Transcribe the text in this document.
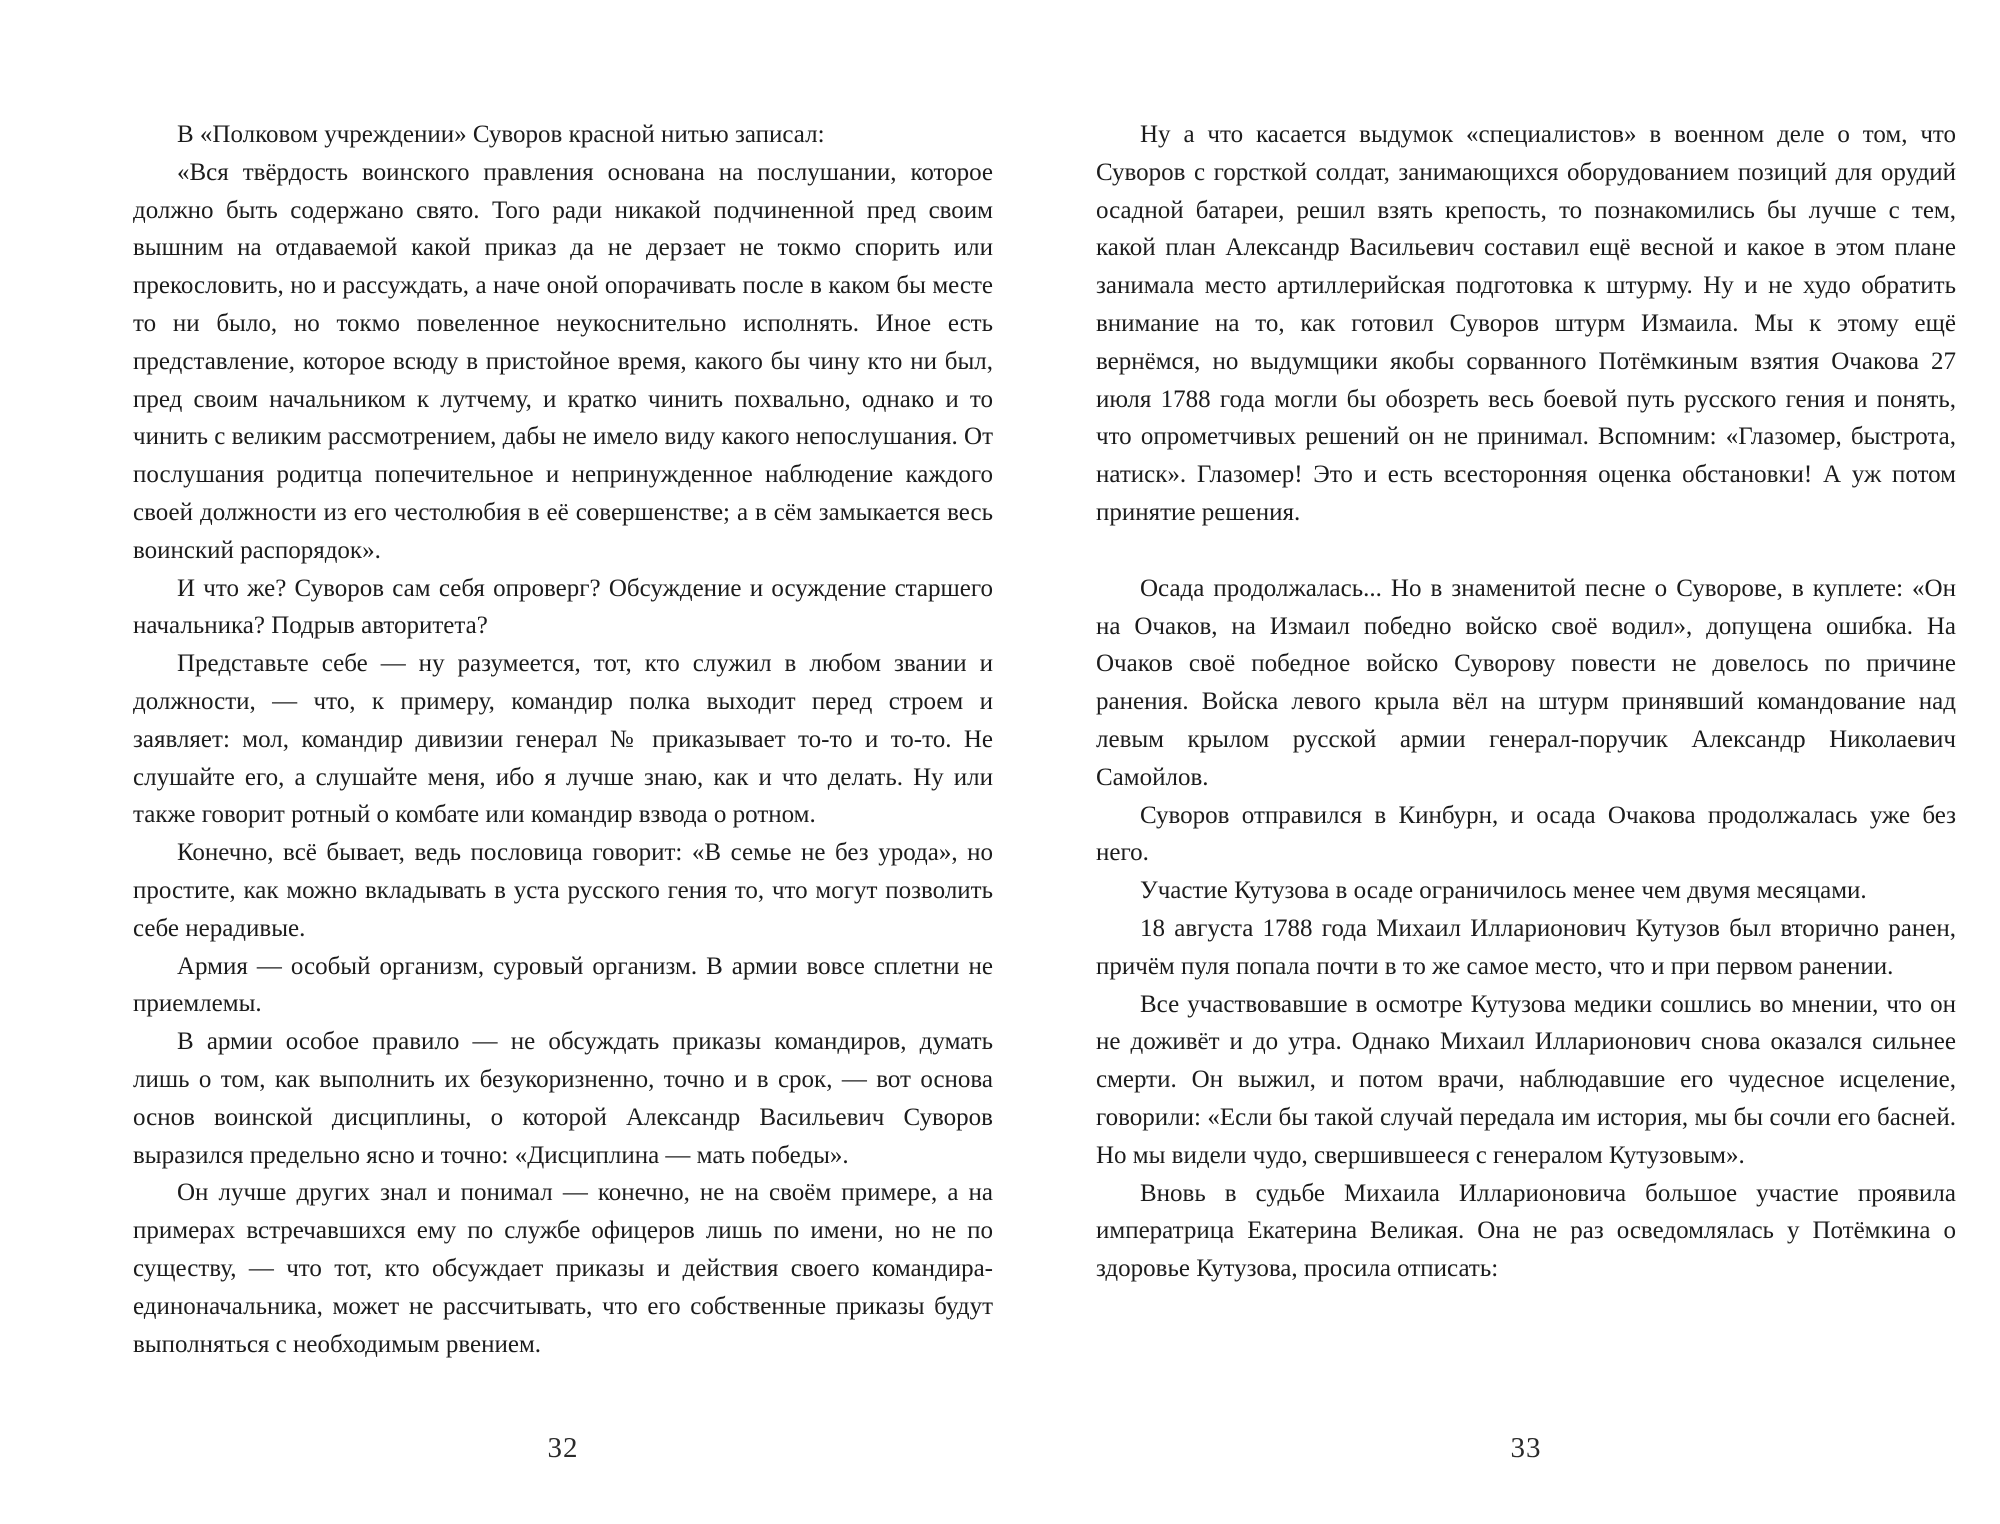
В «Полковом учреждении» Суворов красной нитью записал:

«Вся твёрдость воинского правления основана на послушании, которое должно быть содержано свято. Того ради никакой подчиненной пред своим вышним на отдаваемой какой приказ да не дерзает не токмо спорить или прекословить, но и рассуждать, а наче оной опорачивать после в каком бы месте то ни было, но токмо повеленное неукоснительно исполнять. Иное есть представление, которое всюду в пристойное время, какого бы чину кто ни был, пред своим начальником к лутчему, и кратко чинить похвально, однако и то чинить с великим рассмотрением, дабы не имело виду какого непослушания. От послушания родитца попечительное и непринужденное наблюдение каждого своей должности из его честолюбия в её совершенстве; а в сём замыкается весь воинский распорядок».

И что же? Суворов сам себя опроверг? Обсуждение и осуждение старшего начальника? Подрыв авторитета?

Представьте себе — ну разумеется, тот, кто служил в любом звании и должности, — что, к примеру, командир полка выходит перед строем и заявляет: мол, командир дивизии генерал № приказывает то-то и то-то. Не слушайте его, а слушайте меня, ибо я лучше знаю, как и что делать. Ну или также говорит ротный о комбате или командир взвода о ротном.

Конечно, всё бывает, ведь пословица говорит: «В семье не без урода», но простите, как можно вкладывать в уста русского гения то, что могут позволить себе нерадивые.

Армия — особый организм, суровый организм. В армии вовсе сплетни не приемлемы.

В армии особое правило — не обсуждать приказы командиров, думать лишь о том, как выполнить их безукоризненно, точно и в срок, — вот основа основ воинской дисциплины, о которой Александр Васильевич Суворов выразился предельно ясно и точно: «Дисциплина — мать победы».

Он лучше других знал и понимал — конечно, не на своём примере, а на примерах встречавшихся ему по службе офицеров лишь по имени, но не по существу, — что тот, кто обсуждает приказы и действия своего командира-единоначальника, может не рассчитывать, что его собственные приказы будут выполняться с необходимым рвением.

32

Ну а что касается выдумок «специалистов» в военном деле о том, что Суворов с горсткой солдат, занимающихся оборудованием позиций для орудий осадной батареи, решил взять крепость, то познакомились бы лучше с тем, какой план Александр Васильевич составил ещё весной и какое в этом плане занимала место артиллерийская подготовка к штурму. Ну и не худо обратить внимание на то, как готовил Суворов штурм Измаила. Мы к этому ещё вернёмся, но выдумщики якобы сорванного Потёмкиным взятия Очакова 27 июля 1788 года могли бы обозреть весь боевой путь русского гения и понять, что опрометчивых решений он не принимал. Вспомним: «Глазомер, быстрота, натиск». Глазомер! Это и есть всесторонняя оценка обстановки! А уж потом принятие решения.

Осада продолжалась... Но в знаменитой песне о Суворове, в куплете: «Он на Очаков, на Измаил победно войско своё водил», допущена ошибка. На Очаков своё победное войско Суворову повести не довелось по причине ранения. Войска левого крыла вёл на штурм принявший командование над левым крылом русской армии генерал-поручик Александр Николаевич Самойлов.

Суворов отправился в Кинбурн, и осада Очакова продолжалась уже без него.

Участие Кутузова в осаде ограничилось менее чем двумя месяцами.

18 августа 1788 года Михаил Илларионович Кутузов был вторично ранен, причём пуля попала почти в то же самое место, что и при первом ранении.

Все участвовавшие в осмотре Кутузова медики сошлись во мнении, что он не доживёт и до утра. Однако Михаил Илларионович снова оказался сильнее смерти. Он выжил, и потом врачи, наблюдавшие его чудесное исцеление, говорили: «Если бы такой случай передала им история, мы бы сочли его басней. Но мы видели чудо, свершившееся с генералом Кутузовым».

Вновь в судьбе Михаила Илларионовича большое участие проявила императрица Екатерина Великая. Она не раз осведомлялась у Потёмкина о здоровье Кутузова, просила отписать:

33
